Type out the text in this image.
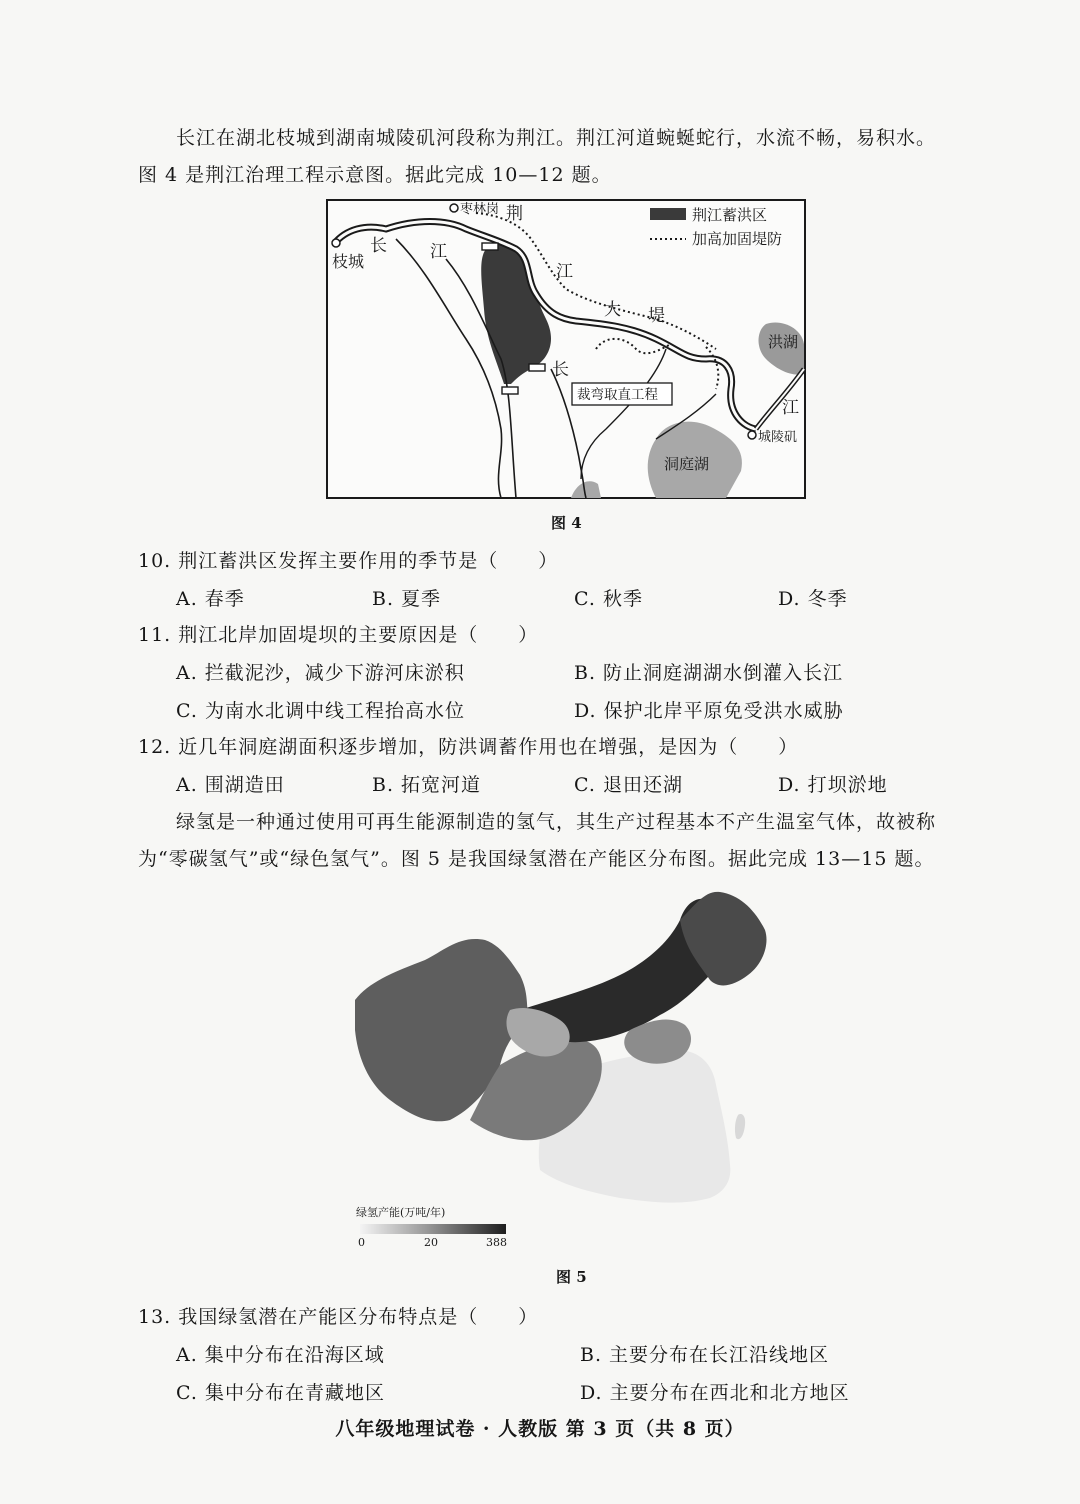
长江在湖北枝城到湖南城陵矶河段称为荆江。荆江河道蜿蜒蛇行，水流不畅，易积水。
图 4 是荆江治理工程示意图。据此完成 10—12 题。
枣林岗
枝城
长	江
荆
江
大 堤
洪湖
长
江
裁弯取直工程
城陵矶
洞庭湖
荆江蓄洪区
加高加固堤防
图 4
10. 荆江蓄洪区发挥主要作用的季节是（　　）
A. 春季	B. 夏季	C. 秋季	D. 冬季
11. 荆江北岸加固堤坝的主要原因是（　　）
A. 拦截泥沙，减少下游河床淤积	B. 防止洞庭湖湖水倒灌入长江
C. 为南水北调中线工程抬高水位	D. 保护北岸平原免受洪水威胁
12. 近几年洞庭湖面积逐步增加，防洪调蓄作用也在增强，是因为（　　）
A. 围湖造田	B. 拓宽河道	C. 退田还湖	D. 打坝淤地
绿氢是一种通过使用可再生能源制造的氢气，其生产过程基本不产生温室气体，故被称
为“零碳氢气”或“绿色氢气”。图 5 是我国绿氢潜在产能区分布图。据此完成 13—15 题。
绿氢产能(万吨/年)
0	20	388
图 5
13. 我国绿氢潜在产能区分布特点是（　　）
A. 集中分布在沿海区域	B. 主要分布在长江沿线地区
C. 集中分布在青藏地区	D. 主要分布在西北和北方地区
八年级地理试卷 · 人教版 第 3 页（共 8 页）
